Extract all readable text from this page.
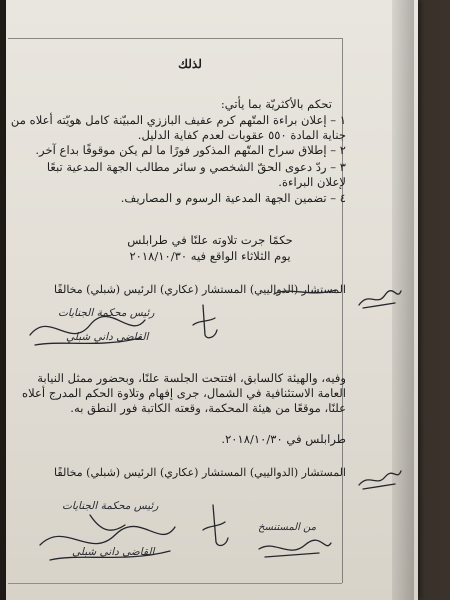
لذلك
تحكم بالأكثريّة بما يأتي:
١ – إعلان براءة المتّهم كرم عفيف الباززي المبيّنة كامل هويّته أعلاه من
جناية المادة ٥٥٠ عقوبات لعدم كفاية الدليل.
٢ – إطلاق سراح المتّهم المذكور فورًا ما لم يكن موقوفًا بداع آخر.
٣ – ردّ دعوى الحقّ الشخصي و سائر مطالب الجهة المدعية تبعًا
لإعلان البراءة.
٤ – تضمين الجهة المدعية الرسوم و المصاريف.
حكمًا جرت تلاوته علنًا في طرابلس
يوم الثلاثاء الواقع فيه ٢٠١٨/١٠/٣٠
المستشار (الدوالييي) المستشار (عكاري) الرئيس (شبلي) مخالفًا
رئيس محكمة الجنايات
القاضي داني شبلي
وفيه، والهيئة كالسابق، افتتحت الجلسة علنًا، وبحضور ممثل النيابة
العامة الاستئنافية في الشمال، جرى إفهام وتلاوة الحكم المدرج أعلاه
علنًا، موقعًا من هيئة المحكمة، وقعته الكاتبة فور النطق به.
طرابلس في ٢٠١٨/١٠/٣٠.
المستشار (الدوالييي) المستشار (عكاري) الرئيس (شبلي) مخالفًا
رئيس محكمة الجنايات
القاضي داني شبلي
من المستنسخ
